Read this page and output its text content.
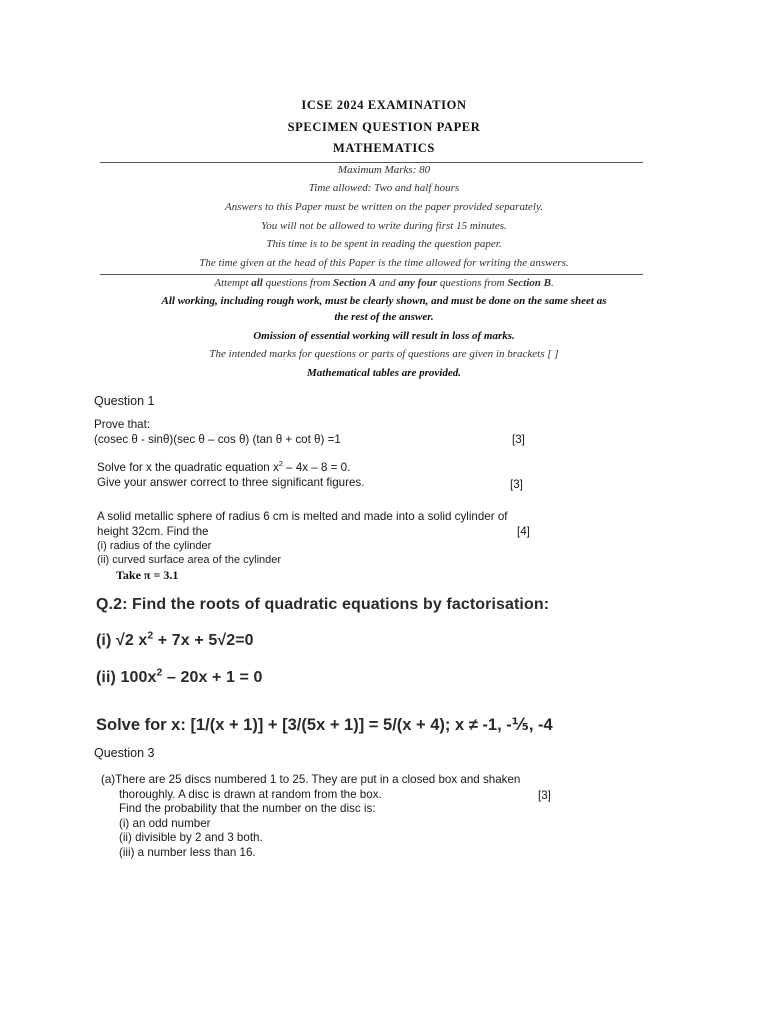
ICSE 2024 EXAMINATION
SPECIMEN QUESTION PAPER
MATHEMATICS
Maximum Marks: 80
Time allowed: Two and half hours
Answers to this Paper must be written on the paper provided separately.
You will not be allowed to write during first 15 minutes.
This time is to be spent in reading the question paper.
The time given at the head of this Paper is the time allowed for writing the answers.
Attempt all questions from Section A and any four questions from Section B.
All working, including rough work, must be clearly shown, and must be done on the same sheet as
the rest of the answer.
Omission of essential working will result in loss of marks.
The intended marks for questions or parts of questions are given in brackets [ ]
Mathematical tables are provided.
Question 1
Prove that:
(cosec θ - sinθ)(sec θ – cos θ) (tan θ + cot θ) =1	[3]
Solve for x the quadratic equation $x^2 - 4x - 8 = 0$.
Give your answer correct to three significant figures.	[3]
A solid metallic sphere of radius 6 cm is melted and made into a solid cylinder of
height 32cm. Find the	[4]
(i) radius of the cylinder
(ii) curved surface area of the cylinder
Take π = 3.1
Q.2: Find the roots of quadratic equations by factorisation:
(i) √2 $x^2 + 7x + 5√2=0$
(ii) $100x^2 - 20x + 1 = 0$
Solve for x: [1/(x + 1)] + [3/(5x + 1)] = 5/(x + 4); x ≠ -1, -⅕, -4
Question 3
(a)There are 25 discs numbered 1 to 25. They are put in a closed box and shaken
thoroughly. A disc is drawn at random from the box.	[3]
Find the probability that the number on the disc is:
(i) an odd number
(ii) divisible by 2 and 3 both.
(iii) a number less than 16.
